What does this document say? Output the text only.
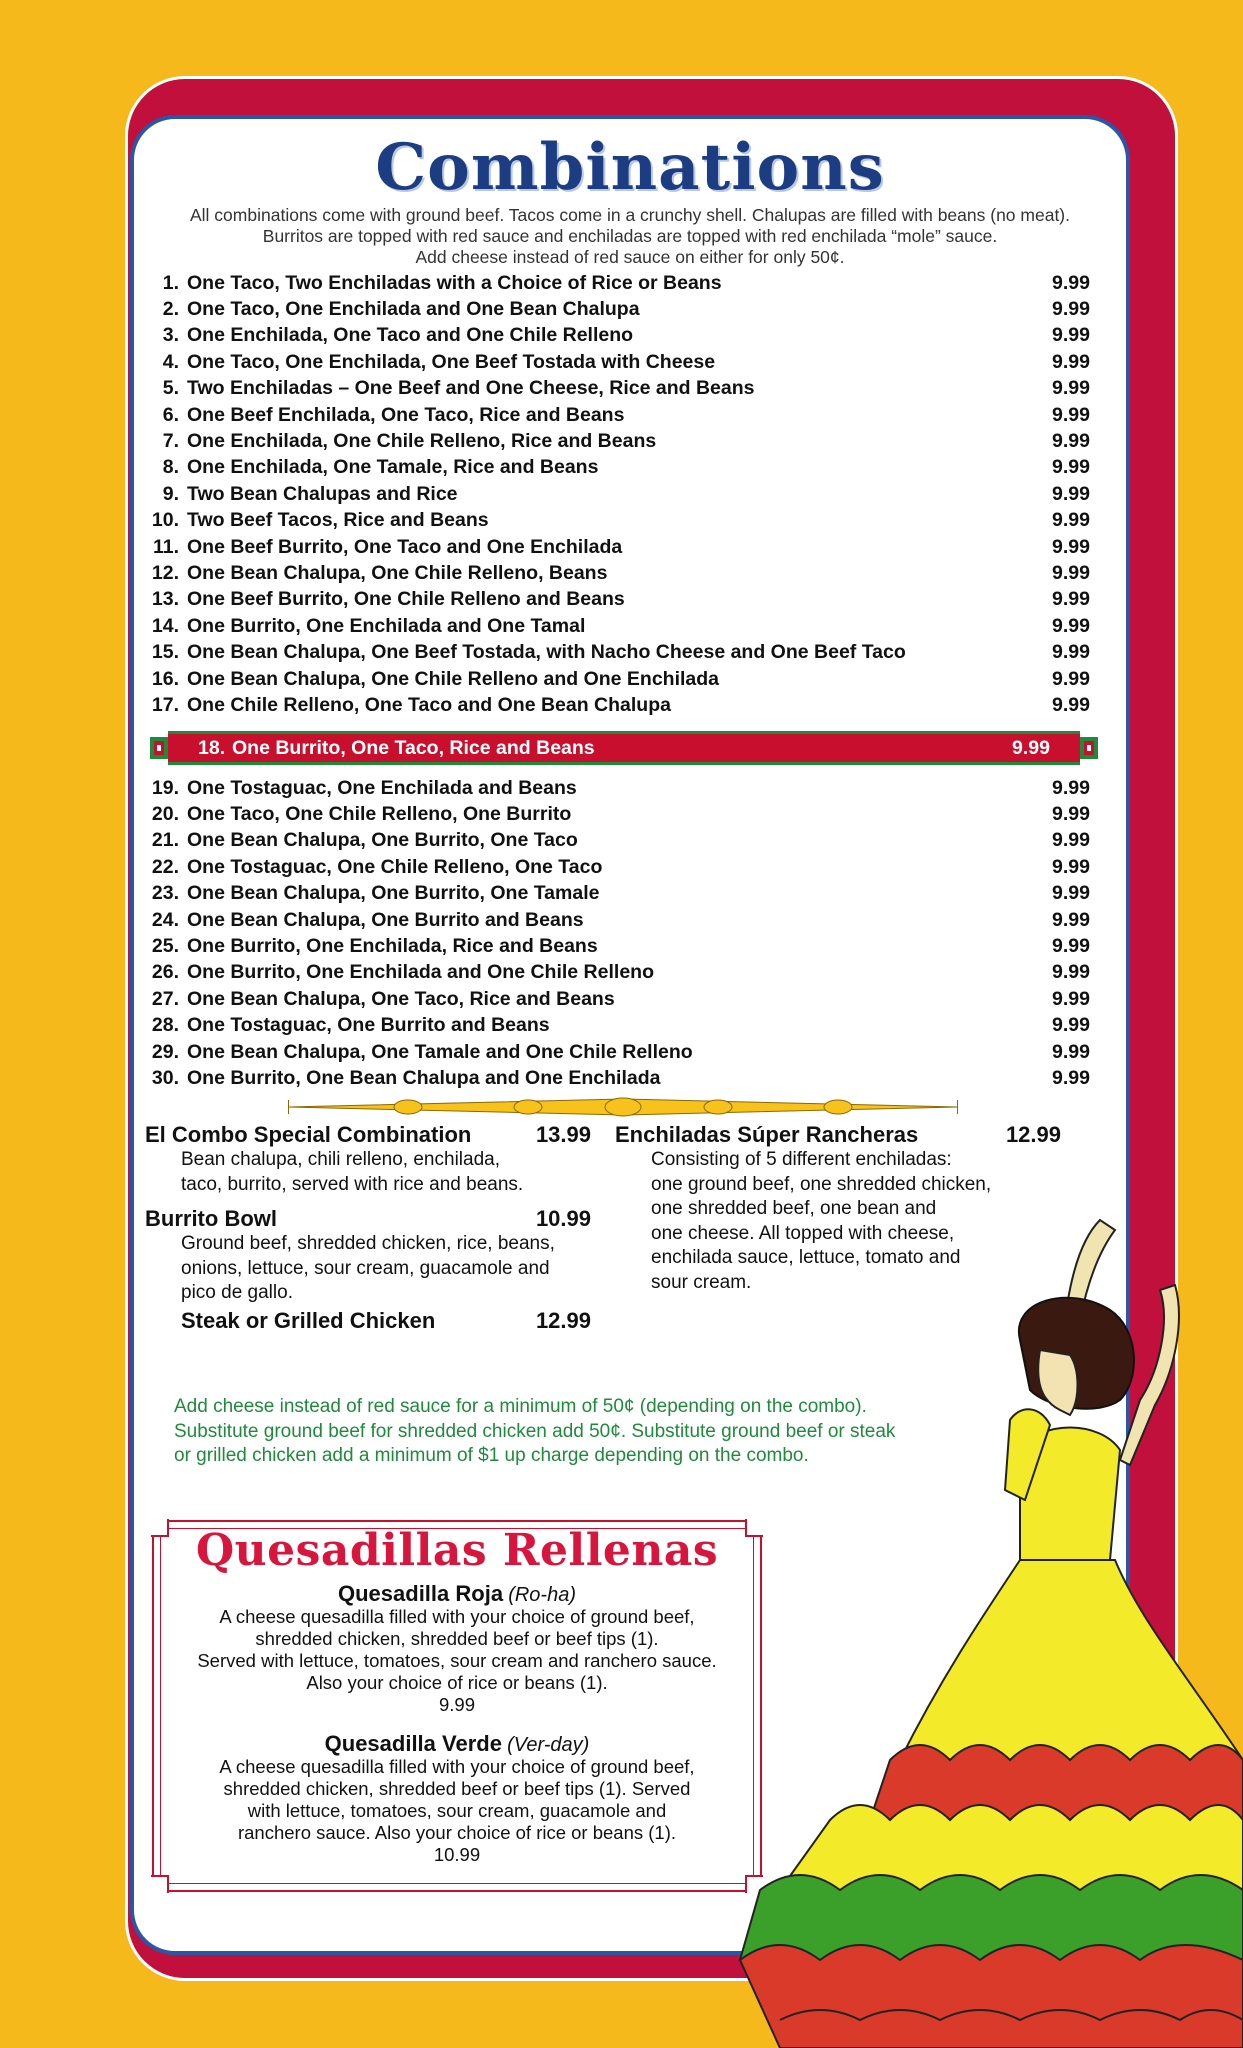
Combinations
All combinations come with ground beef. Tacos come in a crunchy shell. Chalupas are filled with beans (no meat).
Burritos are topped with red sauce and enchiladas are topped with red enchilada “mole” sauce.
Add cheese instead of red sauce on either for only 50¢.
1. One Taco, Two Enchiladas with a Choice of Rice or Beans	9.99
2. One Taco, One Enchilada and One Bean Chalupa	9.99
3. One Enchilada, One Taco and One Chile Relleno	9.99
4. One Taco, One Enchilada, One Beef Tostada with Cheese	9.99
5. Two Enchiladas – One Beef and One Cheese, Rice and Beans	9.99
6. One Beef Enchilada, One Taco, Rice and Beans	9.99
7. One Enchilada, One Chile Relleno, Rice and Beans	9.99
8. One Enchilada, One Tamale, Rice and Beans	9.99
9. Two Bean Chalupas and Rice	9.99
10. Two Beef Tacos, Rice and Beans	9.99
11. One Beef Burrito, One Taco and One Enchilada	9.99
12. One Bean Chalupa, One Chile Relleno, Beans	9.99
13. One Beef Burrito, One Chile Relleno and Beans	9.99
14. One Burrito, One Enchilada and One Tamal	9.99
15. One Bean Chalupa, One Beef Tostada, with Nacho Cheese and One Beef Taco	9.99
16. One Bean Chalupa, One Chile Relleno and One Enchilada	9.99
17. One Chile Relleno, One Taco and One Bean Chalupa	9.99
18. One Burrito, One Taco, Rice and Beans	9.99
19. One Tostaguac, One Enchilada and Beans	9.99
20. One Taco, One Chile Relleno, One Burrito	9.99
21. One Bean Chalupa, One Burrito, One Taco	9.99
22. One Tostaguac, One Chile Relleno, One Taco	9.99
23. One Bean Chalupa, One Burrito, One Tamale	9.99
24. One Bean Chalupa, One Burrito and Beans	9.99
25. One Burrito, One Enchilada, Rice and Beans	9.99
26. One Burrito, One Enchilada and One Chile Relleno	9.99
27. One Bean Chalupa, One Taco, Rice and Beans	9.99
28. One Tostaguac, One Burrito and Beans	9.99
29. One Bean Chalupa, One Tamale and One Chile Relleno	9.99
30. One Burrito, One Bean Chalupa and One Enchilada	9.99
El Combo Special Combination	13.99
Bean chalupa, chili relleno, enchilada,
taco, burrito, served with rice and beans.
Burrito Bowl	10.99
Ground beef, shredded chicken, rice, beans,
onions, lettuce, sour cream, guacamole and
pico de gallo.
Steak or Grilled Chicken	12.99
Enchiladas Súper Rancheras	12.99
Consisting of 5 different enchiladas:
one ground beef, one shredded chicken,
one shredded beef, one bean and
one cheese. All topped with cheese,
enchilada sauce, lettuce, tomato and
sour cream.
Add cheese instead of red sauce for a minimum of 50¢ (depending on the combo).
Substitute ground beef for shredded chicken add 50¢. Substitute ground beef or steak
or grilled chicken add a minimum of $1 up charge depending on the combo.
Quesadillas Rellenas
Quesadilla Roja (Ro-ha)
A cheese quesadilla filled with your choice of ground beef,
shredded chicken, shredded beef or beef tips (1).
Served with lettuce, tomatoes, sour cream and ranchero sauce.
Also your choice of rice or beans (1).
9.99
Quesadilla Verde (Ver-day)
A cheese quesadilla filled with your choice of ground beef,
shredded chicken, shredded beef or beef tips (1). Served
with lettuce, tomatoes, sour cream, guacamole and
ranchero sauce. Also your choice of rice or beans (1).
10.99
